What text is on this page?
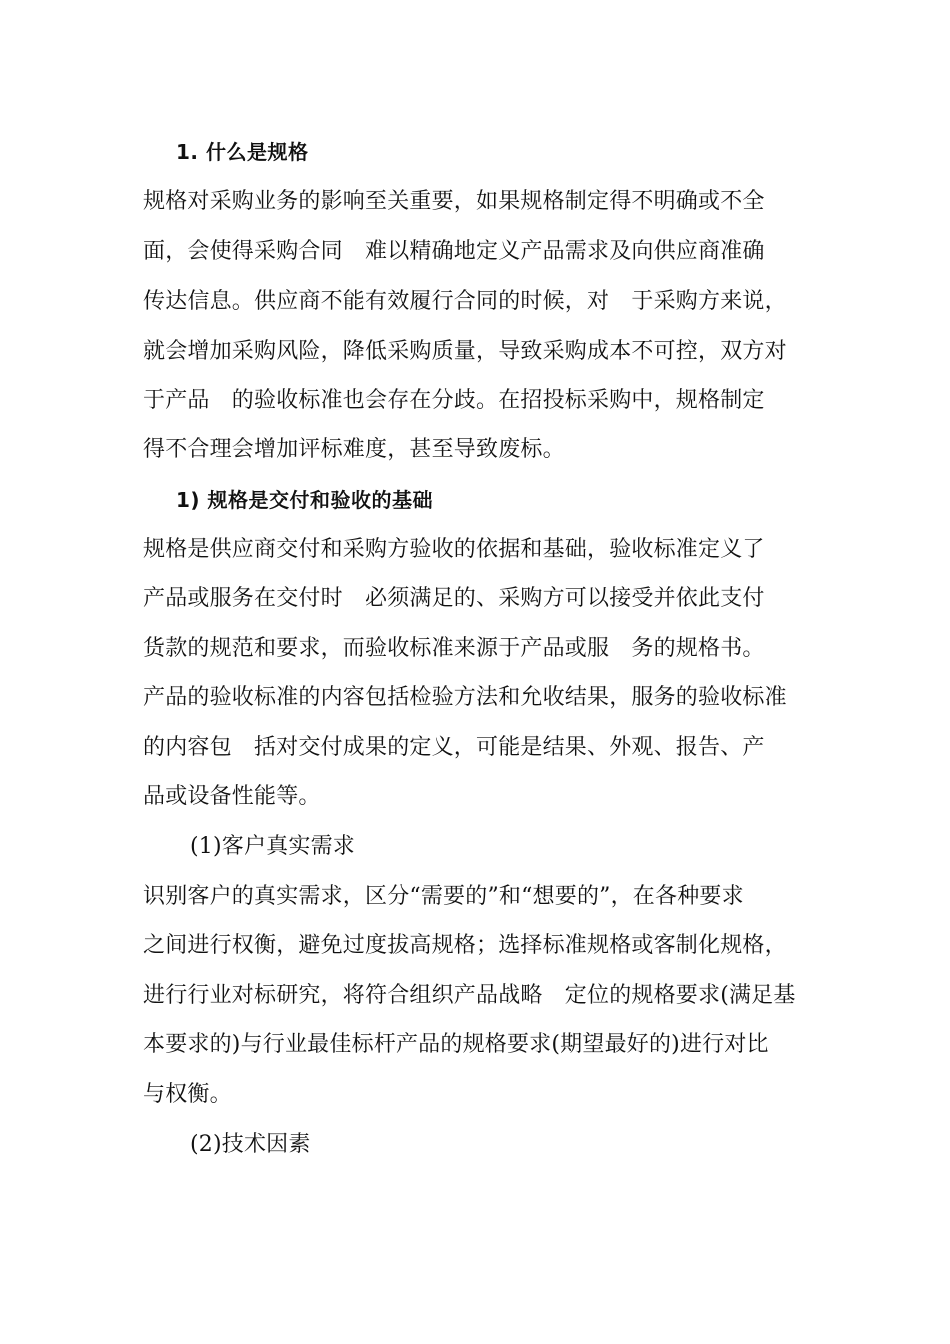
1. 什么是规格
规格对采购业务的影响至关重要，如果规格制定得不明确或不全
面，会使得采购合同　难以精确地定义产品需求及向供应商准确
传达信息。供应商不能有效履行合同的时候，对　于采购方来说，
就会增加采购风险，降低采购质量，导致采购成本不可控，双方对
于产品　的验收标准也会存在分歧。在招投标采购中，规格制定
得不合理会增加评标难度，甚至导致废标。
1) 规格是交付和验收的基础
规格是供应商交付和采购方验收的依据和基础，验收标准定义了
产品或服务在交付时　必须满足的、采购方可以接受并依此支付
货款的规范和要求，而验收标准来源于产品或服　务的规格书。
产品的验收标准的内容包括检验方法和允收结果，服务的验收标准
的内容包　括对交付成果的定义，可能是结果、外观、报告、产
品或设备性能等。
(1)客户真实需求
识别客户的真实需求，区分“需要的”和“想要的”，在各种要求
之间进行权衡，避免过度拔高规格；选择标准规格或客制化规格，
进行行业对标研究，将符合组织产品战略　定位的规格要求(满足基
本要求的)与行业最佳标杆产品的规格要求(期望最好的)进行对比
与权衡。
(2)技术因素
